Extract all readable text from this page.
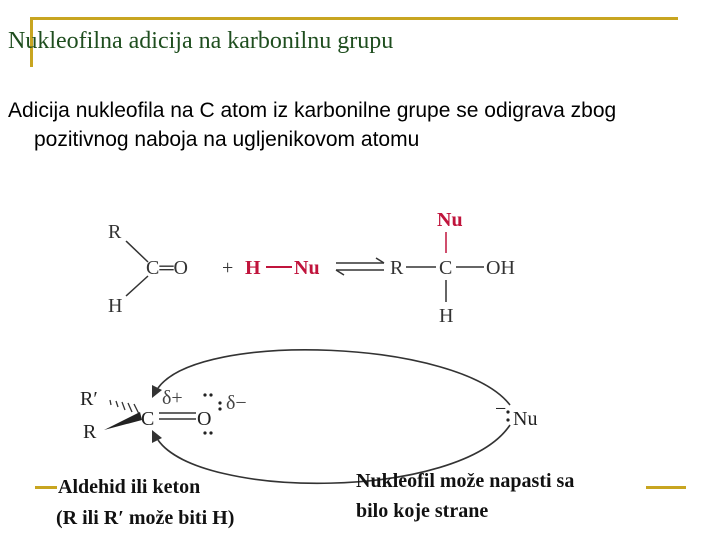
Nukleofilna adicija na karbonilnu grupu

Adicija nukleofila na C atom iz karbonilne grupe se odigrava zbog pozitivnog naboja na ugljenikovom atomu

R
H
C═O + H Nu
Nu
R C OH
H
R′
R
C
δ+
O
δ−	− Nu

Aldehid ili keton

(R ili R′ može biti H)

Nukleofil može napasti sa

bilo koje strane
